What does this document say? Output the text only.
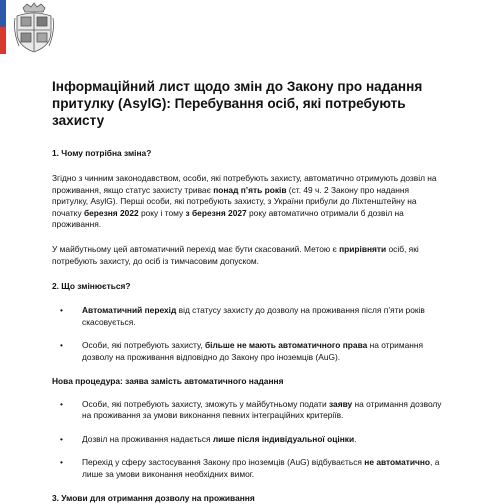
Інформаційний лист щодо змін до Закону про надання притулку (AsylG): Перебування осіб, які потребують захисту
1. Чому потрібна зміна?

Згідно з чинним законодавством, особи, які потребують захисту, автоматично отримують дозвіл на проживання, якщо статус захисту триває понад п’ять років (ст. 49 ч. 2 Закону про надання притулку, AsylG). Перші особи, які потребують захисту, з України прибули до Ліхтенштейну на початку березня 2022 року і тому з березня 2027 року автоматично отримали б дозвіл на проживання.

У майбутньому цей автоматичний перехід має бути скасований. Метою є прирівняти осіб, які потребують захисту, до осіб із тимчасовим допуском.

2. Що змінюється?
• Автоматичний перехід від статусу захисту до дозволу на проживання після п’яти років скасовується.
• Особи, які потребують захисту, більше не мають автоматичного права на отримання дозволу на проживання відповідно до Закону про іноземців (AuG).
Нова процедура: заява замість автоматичного надання
• Особи, які потребують захисту, зможуть у майбутньому подати заяву на отримання дозволу на проживання за умови виконання певних інтеграційних критеріїв.
• Дозвіл на проживання надається лише після індивідуальної оцінки.
• Перехід у сферу застосування Закону про іноземців (AuG) відбувається не автоматично, а лише за умови виконання необхідних вимог.
3. Умови для отримання дозволу на проживання
